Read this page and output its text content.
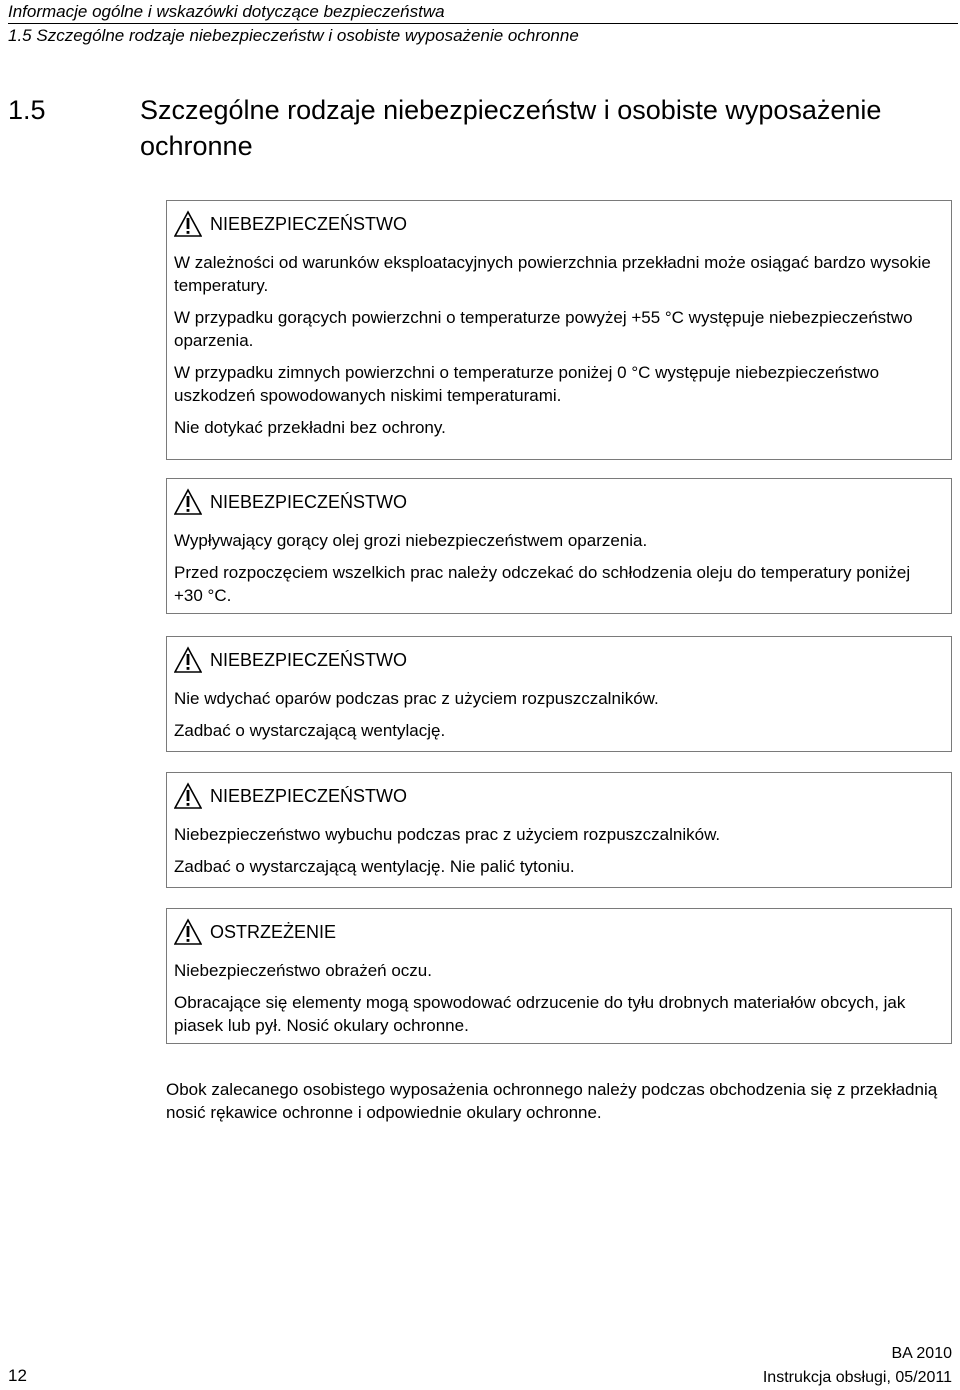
Informacje ogólne i wskazówki dotyczące bezpieczeństwa
1.5 Szczególne rodzaje niebezpieczeństw i osobiste wyposażenie ochronne
1.5	Szczególne rodzaje niebezpieczeństw i osobiste wyposażenie
ochronne
NIEBEZPIECZEŃSTWO

W zależności od warunków eksploatacyjnych powierzchnia przekładni może osiągać bardzo wysokie temperatury.

W przypadku gorących powierzchni o temperaturze powyżej +55 °C występuje niebezpieczeństwo oparzenia.

W przypadku zimnych powierzchni o temperaturze poniżej 0 °C występuje niebezpieczeństwo uszkodzeń spowodowanych niskimi temperaturami.

Nie dotykać przekładni bez ochrony.

NIEBEZPIECZEŃSTWO

Wypływający gorący olej grozi niebezpieczeństwem oparzenia.

Przed rozpoczęciem wszelkich prac należy odczekać do schłodzenia oleju do temperatury poniżej +30 °C.

NIEBEZPIECZEŃSTWO

Nie wdychać oparów podczas prac z użyciem rozpuszczalników.

Zadbać o wystarczającą wentylację.

NIEBEZPIECZEŃSTWO

Niebezpieczeństwo wybuchu podczas prac z użyciem rozpuszczalników.

Zadbać o wystarczającą wentylację. Nie palić tytoniu.

OSTRZEŻENIE

Niebezpieczeństwo obrażeń oczu.

Obracające się elementy mogą spowodować odrzucenie do tyłu drobnych materiałów obcych, jak piasek lub pył. Nosić okulary ochronne.

Obok zalecanego osobistego wyposażenia ochronnego należy podczas obchodzenia się z przekładnią nosić rękawice ochronne i odpowiednie okulary ochronne.

12
BA 2010
Instrukcja obsługi, 05/2011
